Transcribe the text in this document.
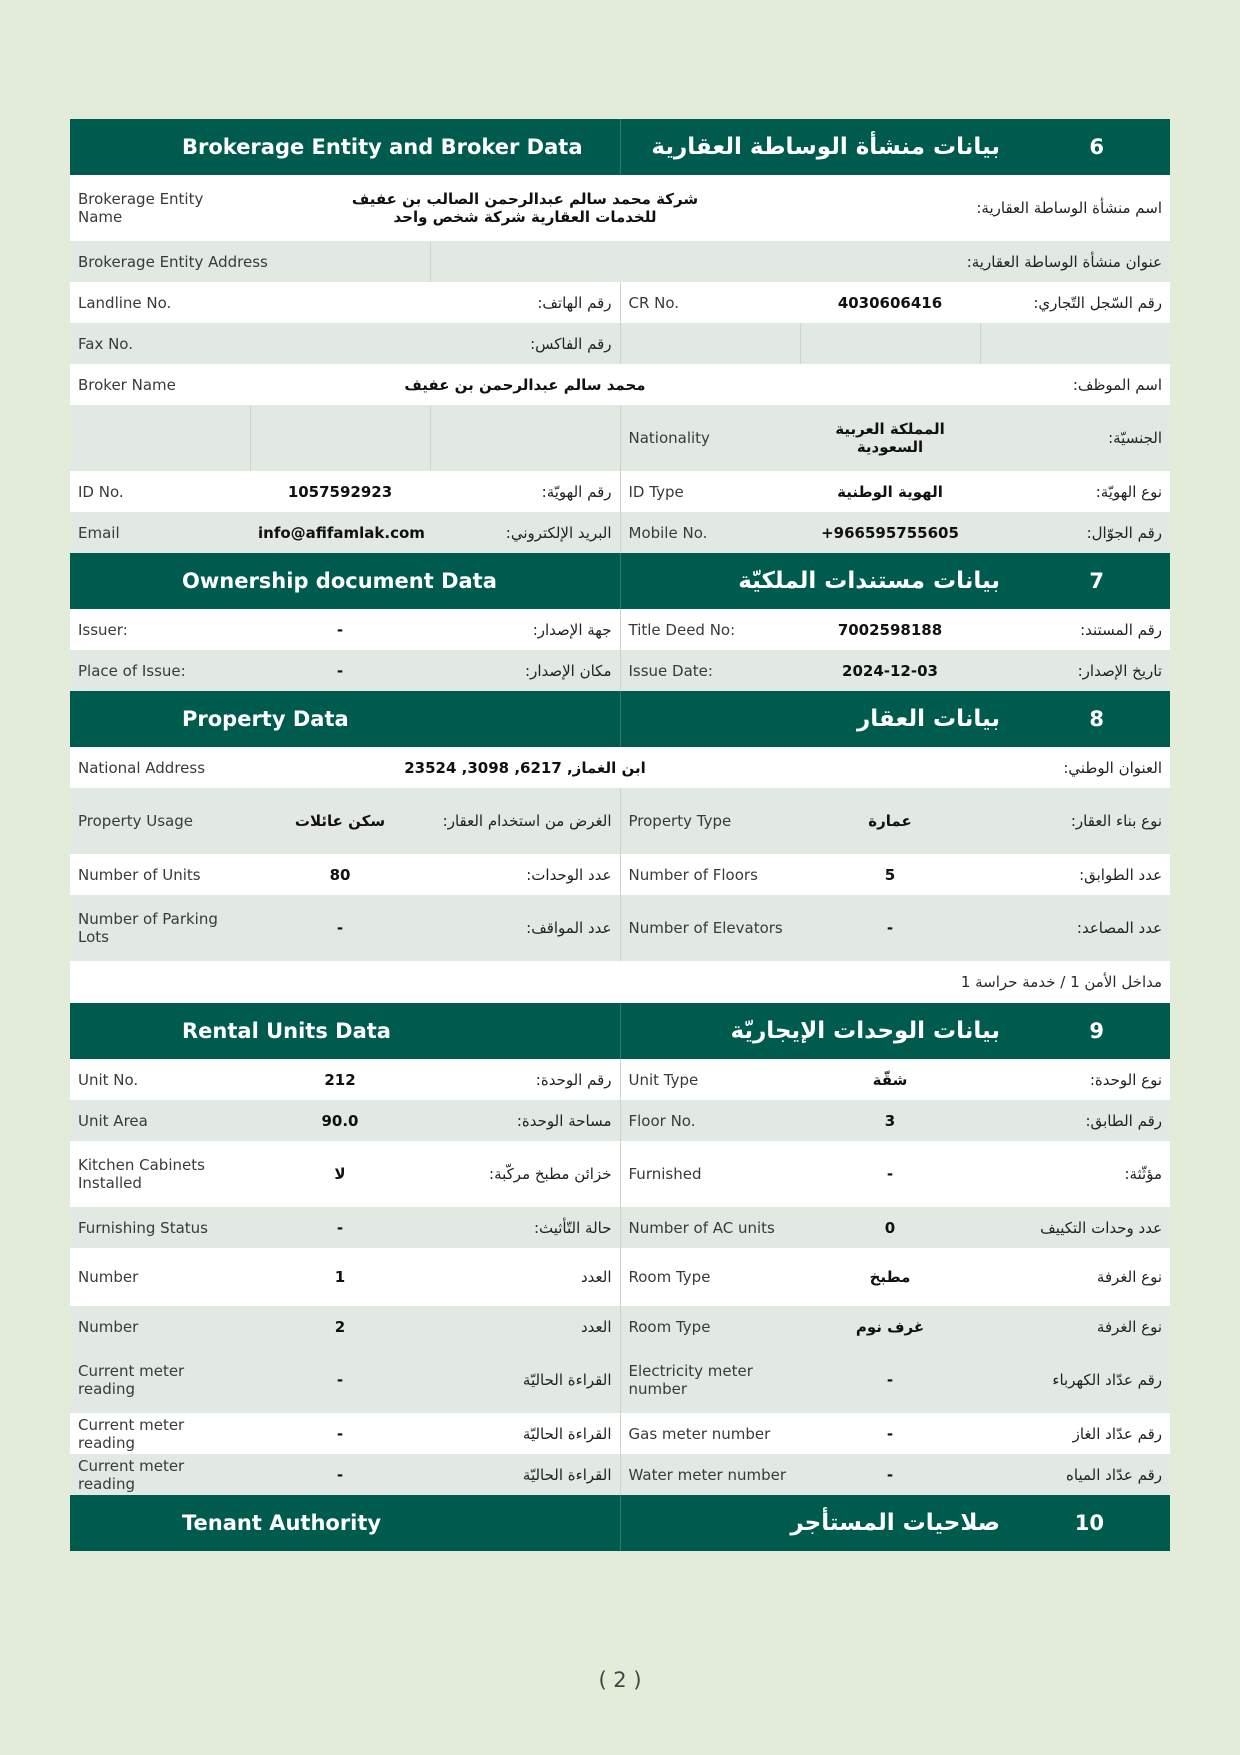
Brokerage Entity and Broker Data			بيانات منشأة الوساطة العقارية 6		

Brokerage Entity Name	شركة محمد سالم عبدالرحمن الصالب بن عفيف
للخدمات العقارية شركة شخص واحد			اسم منشأة الوساطة العقارية:	
Brokerage Entity Address				عنوان منشأة الوساطة العقارية:	
Landline No.		رقم الهاتف:	CR No.	4030606416	رقم السّجل التّجاري:
Fax No.		رقم الفاكس:			
Broker Name	محمد سالم عبدالرحمن بن عفيف			اسم الموظف:	
			Nationality	المملكة العربية
السعودية	الجنسيّة:
ID No.	1057592923	رقم الهويّة:	ID Type	الهوية الوطنية	نوع الهويّة:
Email	info@afifamlak.com	البريد الإلكتروني:	Mobile No.	+966595755605	رقم الجوّال:
Ownership document Data			بيانات مستندات الملكيّة 7		

Issuer:	-	جهة الإصدار:	Title Deed No:	7002598188	رقم المستند:
Place of Issue:	-	مكان الإصدار:	Issue Date:	2024-12-03	تاريخ الإصدار:
Property Data			بيانات العقار 8		

National Address	ابن الغماز, 6217, 3098, 23524			العنوان الوطني:	
Property Usage	سكن عائلات	الغرض من استخدام العقار:	Property Type	عمارة	نوع بناء العقار:
Number of Units	80	عدد الوحدات:	Number of Floors	5	عدد الطوابق:
Number of Parking Lots	-	عدد المواقف:	Number of Elevators	-	عدد المصاعد:
مداخل الأمن 1 / خدمة حراسة 1					
Rental Units Data			بيانات الوحدات الإيجاريّة 9		

Unit No.	212	رقم الوحدة:	Unit Type	شقّة	نوع الوحدة:
Unit Area	90.0	مساحة الوحدة:	Floor No.	3	رقم الطابق:
Kitchen Cabinets Installed	لا	خزائن مطبخ مركّبة:	Furnished	-	مؤثّثة:
Furnishing Status	-	حالة التّأثيث:	Number of AC units	0	عدد وحدات التكييف
Number	1	العدد	Room Type	مطبخ	نوع الغرفة
Number	2	العدد	Room Type	غرف نوم	نوع الغرفة
Current meter reading	-	القراءة الحاليّة	Electricity meter number	-	رقم عدّاد الكهرباء
Current meter reading	-	القراءة الحاليّة	Gas meter number	-	رقم عدّاد الغاز
Current meter reading	-	القراءة الحاليّة	Water meter number	-	رقم عدّاد المياه
Tenant Authority			صلاحيات المستأجر 10		
( 2 )
